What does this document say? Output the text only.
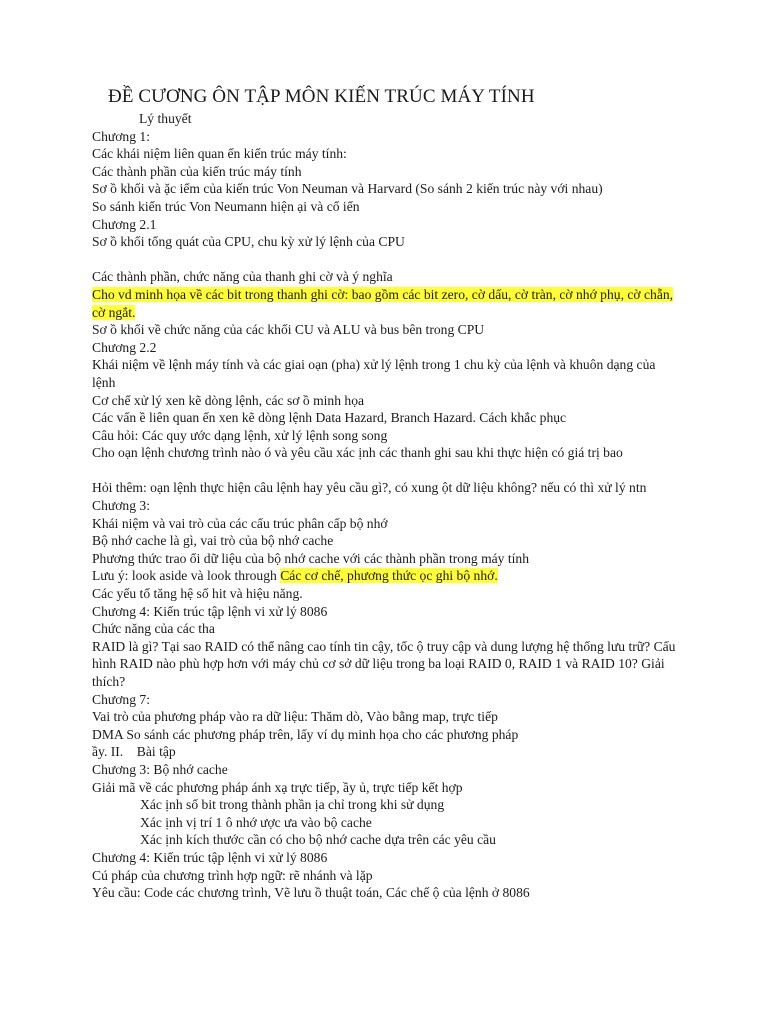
ĐỀ CƯƠNG ÔN TẬP MÔN KIẾN TRÚC MÁY TÍNH
Lý thuyết
Chương 1:
Các khái niệm liên quan ến kiến trúc máy tính:
Các thành phần của kiến trúc máy tính
Sơ ồ khối và ặc iểm của kiến trúc Von Neuman và Harvard (So sánh 2 kiến trúc này với nhau)
So sánh kiến trúc Von Neumann hiện ại và cổ iển
Chương 2.1
Sơ ồ khối tổng quát của CPU, chu kỳ xử lý lệnh của CPU
Các thành phần, chức năng của thanh ghi cờ và ý nghĩa
Cho vd minh họa về các bit trong thanh ghi cờ: bao gồm các bit zero, cờ dấu, cờ tràn, cờ nhớ phụ, cờ chẵn, cờ ngắt.
Sơ ồ khối về chức năng của các khối CU và ALU và bus bên trong CPU
Chương 2.2
Khái niệm về lệnh máy tính và các giai oạn (pha) xử lý lệnh trong 1 chu kỳ của lệnh và khuôn dạng của lệnh
Cơ chế xử lý xen kẽ dòng lệnh, các sơ ồ minh họa
Các vấn ề liên quan ến xen kẽ dòng lệnh Data Hazard, Branch Hazard. Cách khắc phục
Câu hỏi: Các quy ước dạng lệnh, xử lý lệnh song song
Cho oạn lệnh chương trình nào ó và yêu cầu xác ịnh các thanh ghi sau khi thực hiện có giá trị bao
Hỏi thêm: oạn lệnh thực hiện câu lệnh hay yêu cầu gì?, có xung ột dữ liệu không? nếu có thì xử lý ntn
Chương 3:
Khái niệm và vai trò của các cấu trúc phân cấp bộ nhớ
Bộ nhớ cache là gì, vai trò của bộ nhớ cache
Phương thức trao ổi dữ liệu của bộ nhớ cache với các thành phần trong máy tính
Lưu ý: look aside và look through Các cơ chế, phương thức ọc ghi bộ nhớ.
Các yếu tố tăng hệ số hit và hiệu năng.
Chương 4: Kiến trúc tập lệnh vi xử lý 8086
Chức năng của các tha
RAID là gì? Tại sao RAID có thể nâng cao tính tin cậy, tốc ộ truy cập và dung lượng hệ thống lưu trữ? Cấu hình RAID nào phù hợp hơn với máy chủ cơ sở dữ liệu trong ba loại RAID 0, RAID 1 và RAID 10? Giải thích?
Chương 7:
Vai trò của phương pháp vào ra dữ liệu: Thăm dò, Vào bằng map, trực tiếp
DMA So sánh các phương pháp trên, lấy ví dụ minh họa cho các phương pháp
ầy. II.    Bài tập
Chương 3: Bộ nhớ cache
Giải mã về các phương pháp ánh xạ trực tiếp, ầy ủ, trực tiếp kết hợp
Xác ịnh số bit trong thành phần ịa chỉ trong khi sử dụng
Xác ịnh vị trí 1 ô nhớ ược ưa vào bộ cache
Xác ịnh kích thước cần có cho bộ nhớ cache dựa trên các yêu cầu
Chương 4: Kiến trúc tập lệnh vi xử lý 8086
Cú pháp của chương trình hợp ngữ: rẽ nhánh và lặp
Yêu cầu: Code các chương trình, Vẽ lưu ồ thuật toán, Các chế ộ của lệnh ở 8086
